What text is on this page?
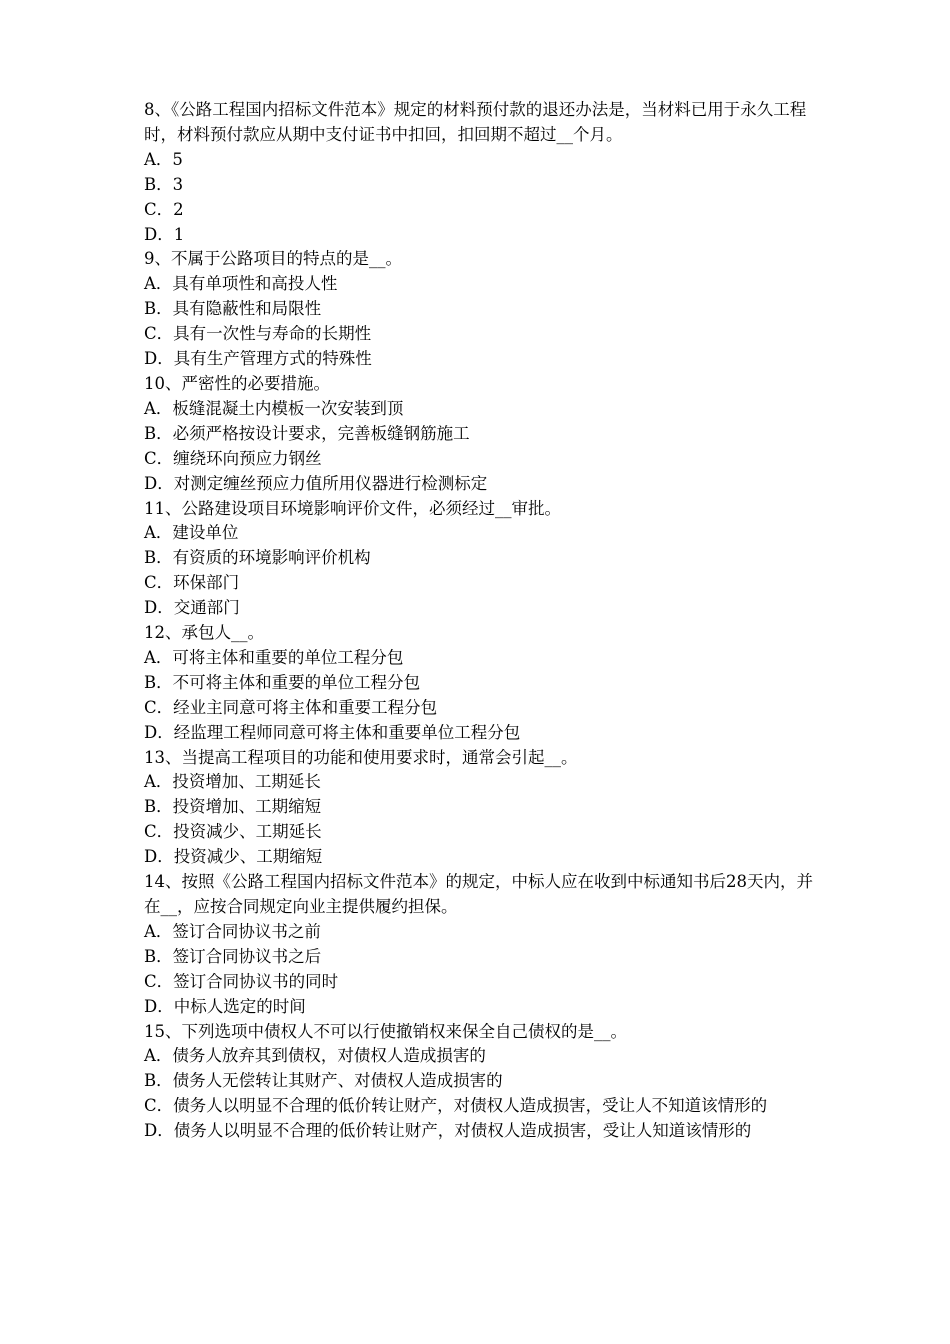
8、《公路工程国内招标文件范本》规定的材料预付款的退还办法是，当材料已用于永久工程时，材料预付款应从期中支付证书中扣回，扣回期不超过__个月。

A．5

B．3

C．2

D．1

9、不属于公路项目的特点的是__。

A．具有单项性和高投人性

B．具有隐蔽性和局限性

C．具有一次性与寿命的长期性

D．具有生产管理方式的特殊性

10、严密性的必要措施。

A．板缝混凝土内模板一次安装到顶

B．必须严格按设计要求，完善板缝钢筋施工

C．缠绕环向预应力钢丝

D．对测定缠丝预应力值所用仪器进行检测标定

11、公路建设项目环境影响评价文件，必须经过__审批。

A．建设单位

B．有资质的环境影响评价机构

C．环保部门

D．交通部门

12、承包人__。

A．可将主体和重要的单位工程分包

B．不可将主体和重要的单位工程分包

C．经业主同意可将主体和重要工程分包

D．经监理工程师同意可将主体和重要单位工程分包

13、当提高工程项目的功能和使用要求时，通常会引起__。

A．投资增加、工期延长

B．投资增加、工期缩短

C．投资减少、工期延长

D．投资减少、工期缩短

14、按照《公路工程国内招标文件范本》的规定，中标人应在收到中标通知书后28天内，并在__，应按合同规定向业主提供履约担保。

A．签订合同协议书之前

B．签订合同协议书之后

C．签订合同协议书的同时

D．中标人选定的时间

15、下列选项中债权人不可以行使撤销权来保全自己债权的是__。

A．债务人放弃其到债权，对债权人造成损害的

B．债务人无偿转让其财产、对债权人造成损害的

C．债务人以明显不合理的低价转让财产，对债权人造成损害，受让人不知道该情形的

D．债务人以明显不合理的低价转让财产，对债权人造成损害，受让人知道该情形的
